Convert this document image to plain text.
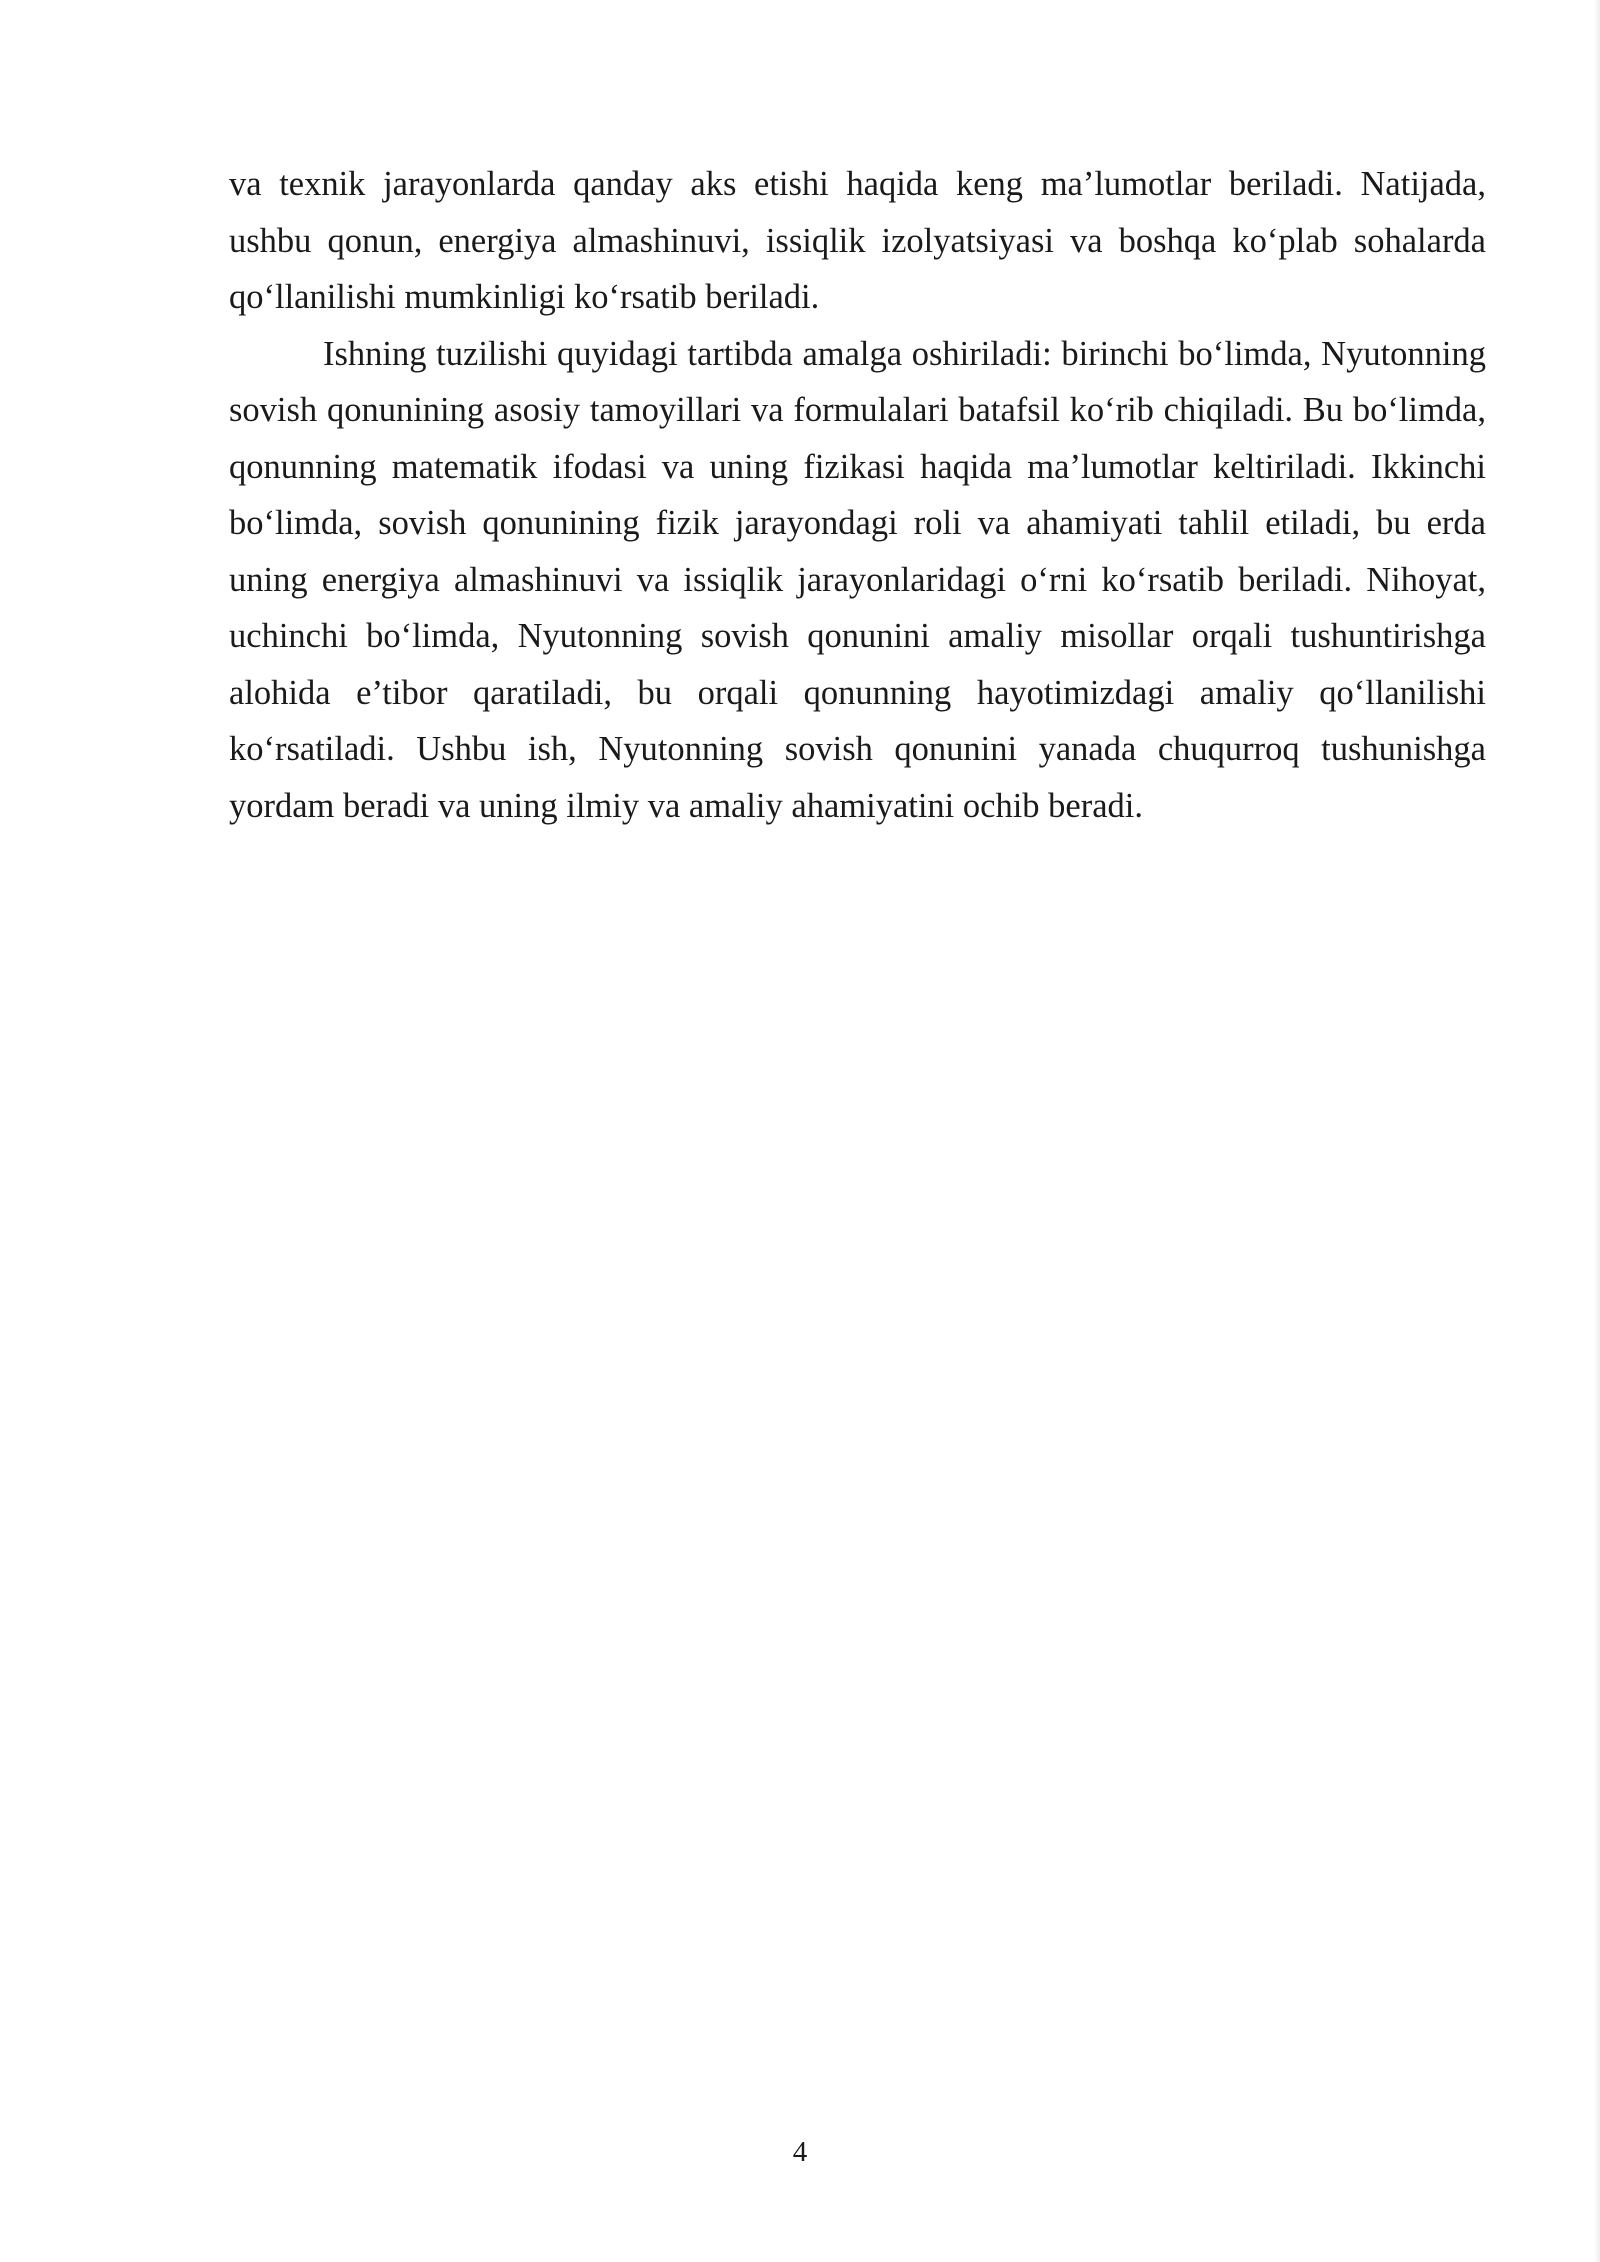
va texnik jarayonlarda qanday aks etishi haqida keng ma’lumotlar beriladi. Natijada, ushbu qonun, energiya almashinuvi, issiqlik izolyatsiyasi va boshqa ko‘plab sohalarda qo‘llanilishi mumkinligi ko‘rsatib beriladi.

Ishning tuzilishi quyidagi tartibda amalga oshiriladi: birinchi bo‘limda, Nyutonning sovish qonunining asosiy tamoyillari va formulalari batafsil ko‘rib chiqiladi. Bu bo‘limda, qonunning matematik ifodasi va uning fizikasi haqida ma’lumotlar keltiriladi. Ikkinchi bo‘limda, sovish qonunining fizik jarayondagi roli va ahamiyati tahlil etiladi, bu erda uning energiya almashinuvi va issiqlik jarayonlaridagi o‘rni ko‘rsatib beriladi. Nihoyat, uchinchi bo‘limda, Nyutonning sovish qonunini amaliy misollar orqali tushuntirishga alohida e’tibor qaratiladi, bu orqali qonunning hayotimizdagi amaliy qo‘llanilishi ko‘rsatiladi. Ushbu ish, Nyutonning sovish qonunini yanada chuqurroq tushunishga yordam beradi va uning ilmiy va amaliy ahamiyatini ochib beradi.

4
